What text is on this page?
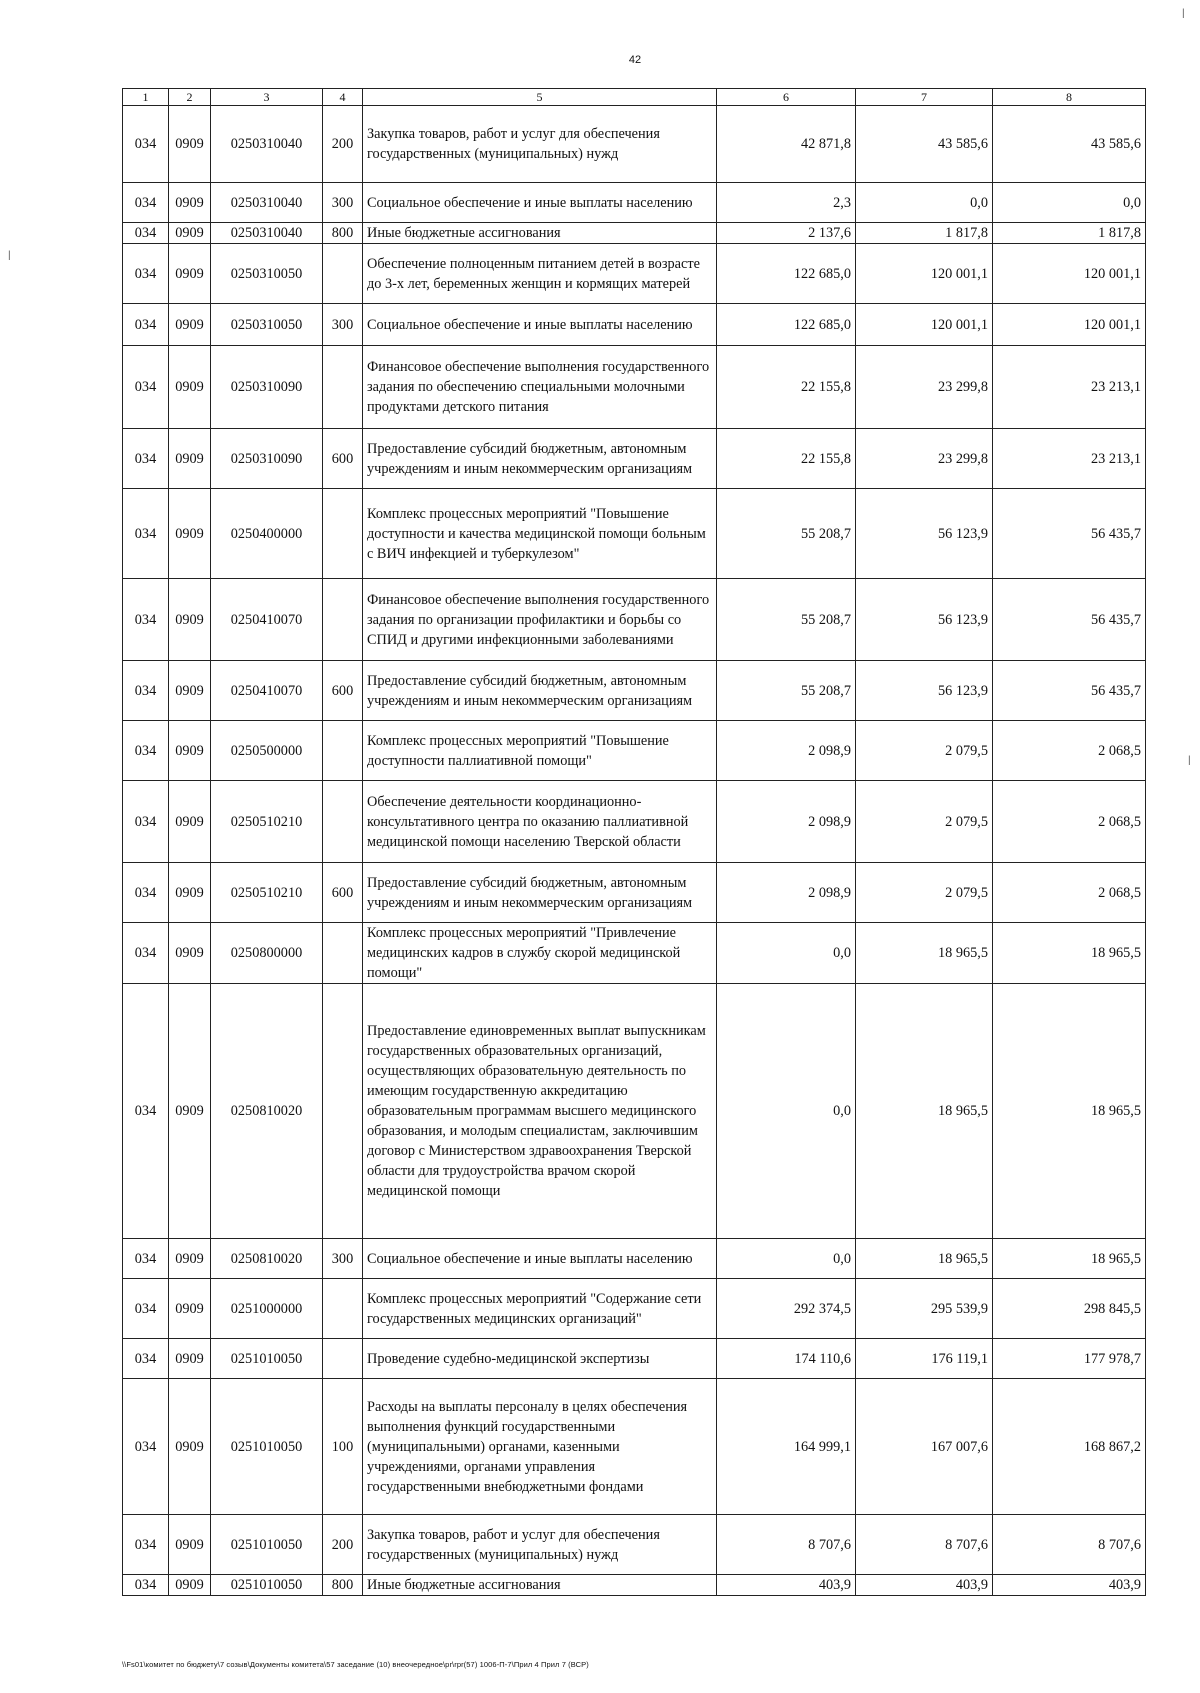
42
1	2	3	4	5	6	7	8
034	0909	0250310040	200	Закупка товаров, работ и услуг для обеспечения государственных (муниципальных) нужд	42 871,8	43 585,6	43 585,6
034	0909	0250310040	300	Социальное обеспечение и иные выплаты населению	2,3	0,0	0,0
034	0909	0250310040	800	Иные бюджетные ассигнования	2 137,6	1 817,8	1 817,8
034	0909	0250310050		Обеспечение полноценным питанием детей в возрасте до 3-х лет, беременных женщин и кормящих матерей	122 685,0	120 001,1	120 001,1
034	0909	0250310050	300	Социальное обеспечение и иные выплаты населению	122 685,0	120 001,1	120 001,1
034	0909	0250310090		Финансовое обеспечение выполнения государственного задания по обеспечению специальными молочными продуктами детского питания	22 155,8	23 299,8	23 213,1
034	0909	0250310090	600	Предоставление субсидий бюджетным, автономным учреждениям и иным некоммерческим организациям	22 155,8	23 299,8	23 213,1
034	0909	0250400000		Комплекс процессных мероприятий "Повышение доступности и качества медицинской помощи больным с ВИЧ инфекцией и туберкулезом"	55 208,7	56 123,9	56 435,7
034	0909	0250410070		Финансовое обеспечение выполнения государственного задания по организации профилактики и борьбы со СПИД и другими инфекционными заболеваниями	55 208,7	56 123,9	56 435,7
034	0909	0250410070	600	Предоставление субсидий бюджетным, автономным учреждениям и иным некоммерческим организациям	55 208,7	56 123,9	56 435,7
034	0909	0250500000		Комплекс процессных мероприятий "Повышение доступности паллиативной помощи"	2 098,9	2 079,5	2 068,5
034	0909	0250510210		Обеспечение деятельности координационно-консультативного центра по оказанию паллиативной медицинской помощи населению Тверской области	2 098,9	2 079,5	2 068,5
034	0909	0250510210	600	Предоставление субсидий бюджетным, автономным учреждениям и иным некоммерческим организациям	2 098,9	2 079,5	2 068,5
034	0909	0250800000		Комплекс процессных мероприятий "Привлечение медицинских кадров в службу скорой медицинской помощи"	0,0	18 965,5	18 965,5
034	0909	0250810020		Предоставление единовременных выплат выпускникам государственных образовательных организаций, осуществляющих образовательную деятельность по имеющим государственную аккредитацию образовательным программам высшего медицинского образования, и молодым специалистам, заключившим договор с Министерством здравоохранения Тверской области для трудоустройства врачом скорой медицинской помощи	0,0	18 965,5	18 965,5
034	0909	0250810020	300	Социальное обеспечение и иные выплаты населению	0,0	18 965,5	18 965,5
034	0909	0251000000		Комплекс процессных мероприятий "Содержание сети государственных медицинских организаций"	292 374,5	295 539,9	298 845,5
034	0909	0251010050		Проведение судебно-медицинской экспертизы	174 110,6	176 119,1	177 978,7
034	0909	0251010050	100	Расходы на выплаты персоналу в целях обеспечения выполнения функций государственными (муниципальными) органами, казенными учреждениями, органами управления государственными внебюджетными фондами	164 999,1	167 007,6	168 867,2
034	0909	0251010050	200	Закупка товаров, работ и услуг для обеспечения государственных (муниципальных) нужд	8 707,6	8 707,6	8 707,6
034	0909	0251010050	800	Иные бюджетные ассигнования	403,9	403,9	403,9
\\Fs01\комитет по бюджету\7 созыв\Документы комитета\57 заседание (10) внеочередное\pr\rpr(57) 1006-П-7\Прил 4 Прил 7 (ВСР)
|
|
|
